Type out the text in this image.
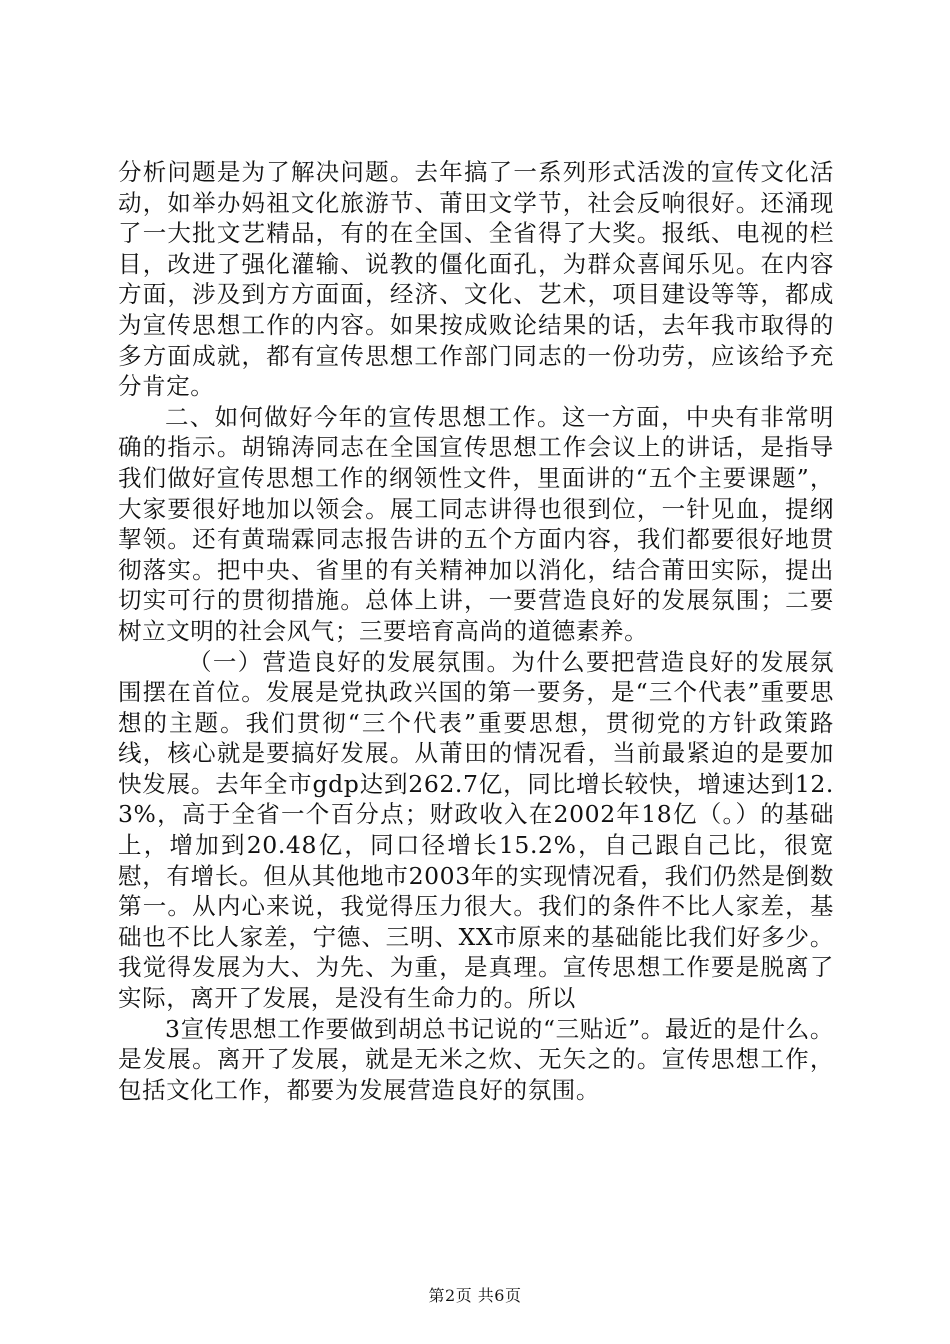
分析问题是为了解决问题。去年搞了一系列形式活泼的宣传文化活动，如举办妈祖文化旅游节、莆田文学节，社会反响很好。还涌现了一大批文艺精品，有的在全国、全省得了大奖。报纸、电视的栏目，改进了强化灌输、说教的僵化面孔，为群众喜闻乐见。在内容方面，涉及到方方面面，经济、文化、艺术，项目建设等等，都成为宣传思想工作的内容。如果按成败论结果的话，去年我市取得的多方面成就，都有宣传思想工作部门同志的一份功劳，应该给予充分肯定。

二、如何做好今年的宣传思想工作。这一方面，中央有非常明确的指示。胡锦涛同志在全国宣传思想工作会议上的讲话，是指导我们做好宣传思想工作的纲领性文件，里面讲的“五个主要课题”，大家要很好地加以领会。展工同志讲得也很到位，一针见血，提纲挈领。还有黄瑞霖同志报告讲的五个方面内容，我们都要很好地贯彻落实。把中央、省里的有关精神加以消化，结合莆田实际，提出切实可行的贯彻措施。总体上讲，一要营造良好的发展氛围；二要树立文明的社会风气；三要培育高尚的道德素养。

（一）营造良好的发展氛围。为什么要把营造良好的发展氛围摆在首位。发展是党执政兴国的第一要务，是“三个代表”重要思想的主题。我们贯彻“三个代表”重要思想，贯彻党的方针政策路线，核心就是要搞好发展。从莆田的情况看，当前最紧迫的是要加快发展。去年全市gdp达到262.7亿，同比增长较快，增速达到12.3%，高于全省一个百分点；财政收入在2002年18亿（。）的基础上，增加到20.48亿，同口径增长15.2%，自己跟自己比，很宽慰，有增长。但从其他地市2003年的实现情况看，我们仍然是倒数第一。从内心来说，我觉得压力很大。我们的条件不比人家差，基础也不比人家差，宁德、三明、XX市原来的基础能比我们好多少。我觉得发展为大、为先、为重，是真理。宣传思想工作要是脱离了实际，离开了发展，是没有生命力的。所以

3宣传思想工作要做到胡总书记说的“三贴近”。最近的是什么。是发展。离开了发展，就是无米之炊、无矢之的。宣传思想工作，包括文化工作，都要为发展营造良好的氛围。

第2页 共6页
